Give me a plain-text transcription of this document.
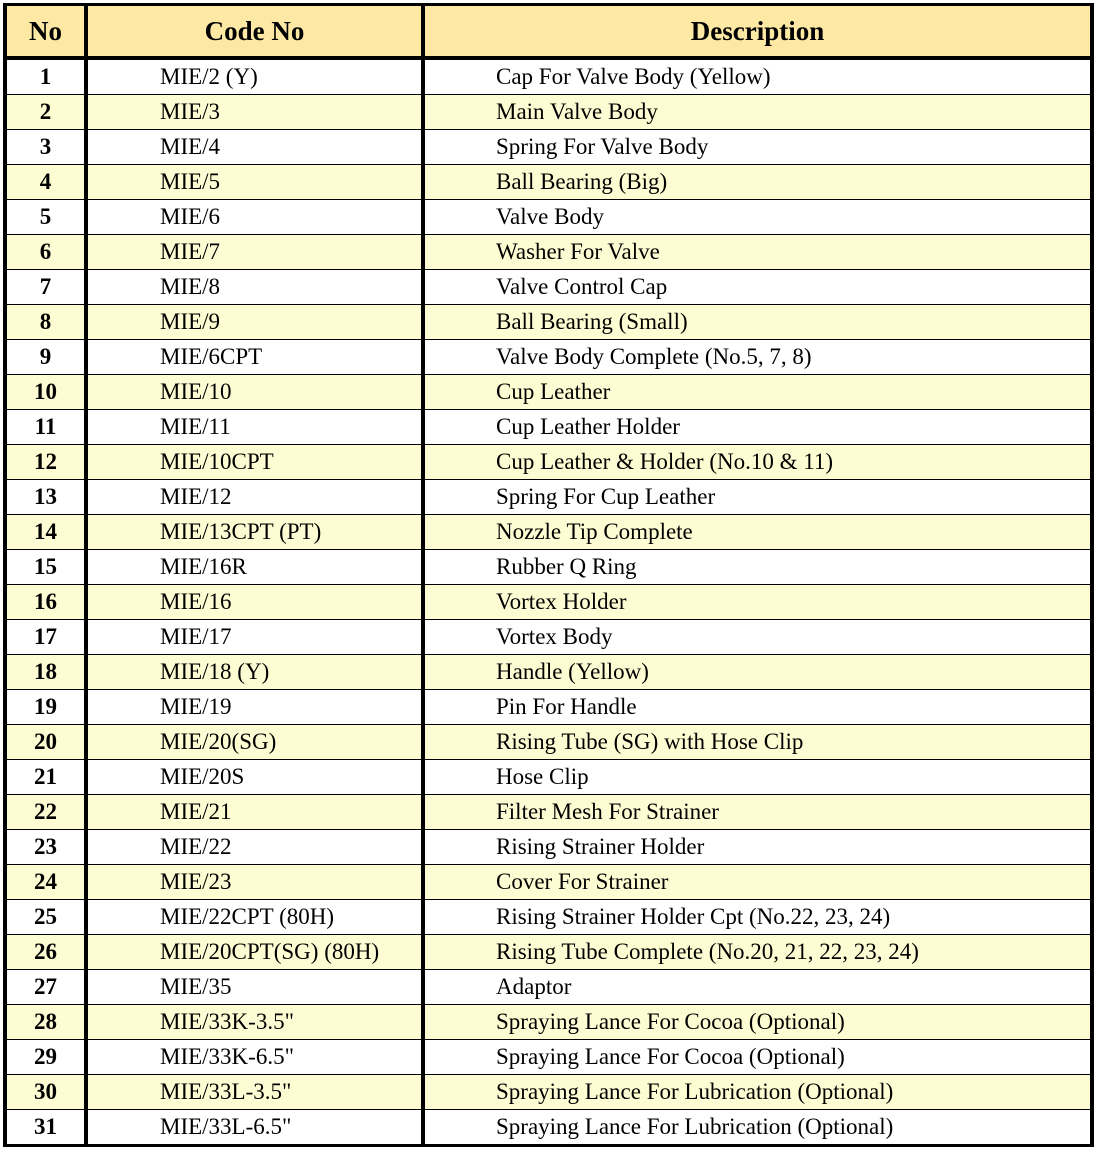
No	Code No	Description
1	MIE/2 (Y)	Cap For Valve Body (Yellow)
2	MIE/3	Main Valve Body
3	MIE/4	Spring For Valve Body
4	MIE/5	Ball Bearing (Big)
5	MIE/6	Valve Body
6	MIE/7	Washer For Valve
7	MIE/8	Valve Control Cap
8	MIE/9	Ball Bearing (Small)
9	MIE/6CPT	Valve Body Complete (No.5, 7, 8)
10	MIE/10	Cup Leather
11	MIE/11	Cup Leather Holder
12	MIE/10CPT	Cup Leather & Holder (No.10 & 11)
13	MIE/12	Spring For Cup Leather
14	MIE/13CPT (PT)	Nozzle Tip Complete
15	MIE/16R	Rubber Q Ring
16	MIE/16	Vortex Holder
17	MIE/17	Vortex Body
18	MIE/18 (Y)	Handle (Yellow)
19	MIE/19	Pin For Handle
20	MIE/20(SG)	Rising Tube (SG) with Hose Clip
21	MIE/20S	Hose Clip
22	MIE/21	Filter Mesh For Strainer
23	MIE/22	Rising Strainer Holder
24	MIE/23	Cover For Strainer
25	MIE/22CPT (80H)	Rising Strainer Holder Cpt (No.22, 23, 24)
26	MIE/20CPT(SG) (80H)	Rising Tube Complete (No.20, 21, 22, 23, 24)
27	MIE/35	Adaptor
28	MIE/33K-3.5"	Spraying Lance For Cocoa (Optional)
29	MIE/33K-6.5"	Spraying Lance For Cocoa (Optional)
30	MIE/33L-3.5"	Spraying Lance For Lubrication (Optional)
31	MIE/33L-6.5"	Spraying Lance For Lubrication (Optional)
